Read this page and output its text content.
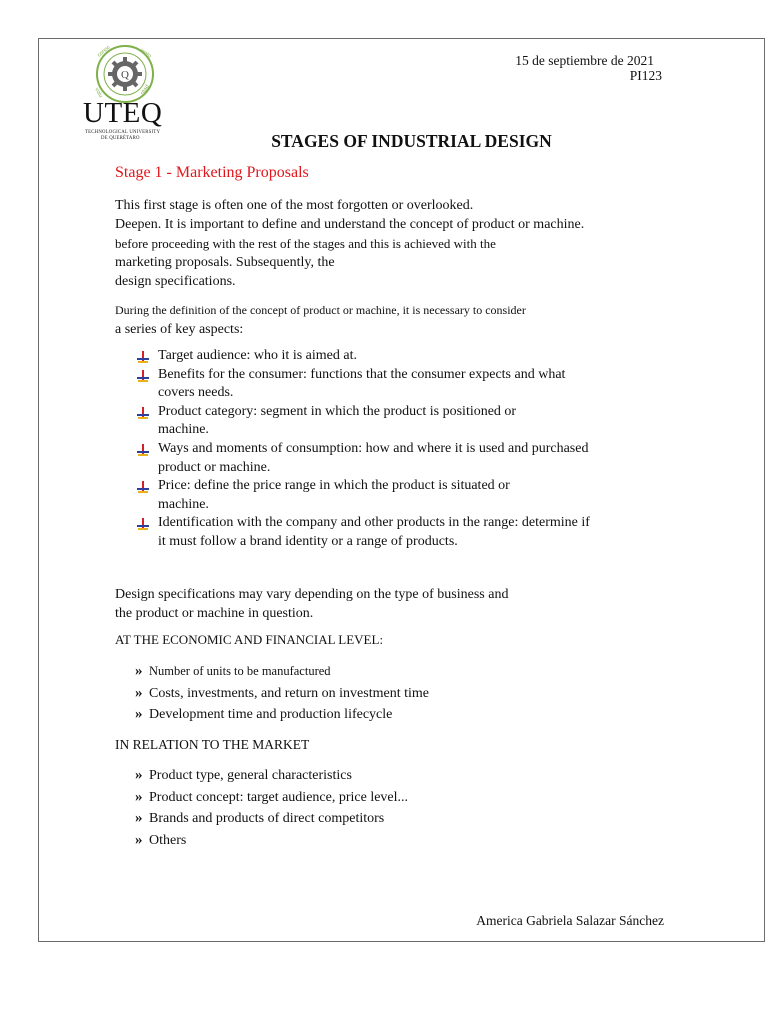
15 de septiembre de 2021
PI123
Q
conoc	iento
volu	ntad
UTEQ
TECHNOLOGICAL UNIVERSITY
DE QUERÉTARO	STAGES OF INDUSTRIAL DESIGN
Stage 1 - Marketing Proposals
This first stage is often one of the most forgotten or overlooked.
Deepen. It is important to define and understand the concept of product or machine.
before proceeding with the rest of the stages and this is achieved with the
marketing proposals. Subsequently, the
design specifications.
During the definition of the concept of product or machine, it is necessary to consider
a series of key aspects:
Target audience: who it is aimed at.
Benefits for the consumer: functions that the consumer expects and what
covers needs.
Product category: segment in which the product is positioned or
machine.
Ways and moments of consumption: how and where it is used and purchased
product or machine.
Price: define the price range in which the product is situated or
machine.
Identification with the company and other products in the range: determine if
it must follow a brand identity or a range of products.
Design specifications may vary depending on the type of business and
the product or machine in question.
AT THE ECONOMIC AND FINANCIAL LEVEL:
» Number of units to be manufactured
» Costs, investments, and return on investment time
» Development time and production lifecycle
IN RELATION TO THE MARKET
» Product type, general characteristics
» Product concept: target audience, price level...
» Brands and products of direct competitors
» Others
America Gabriela Salazar Sánchez
